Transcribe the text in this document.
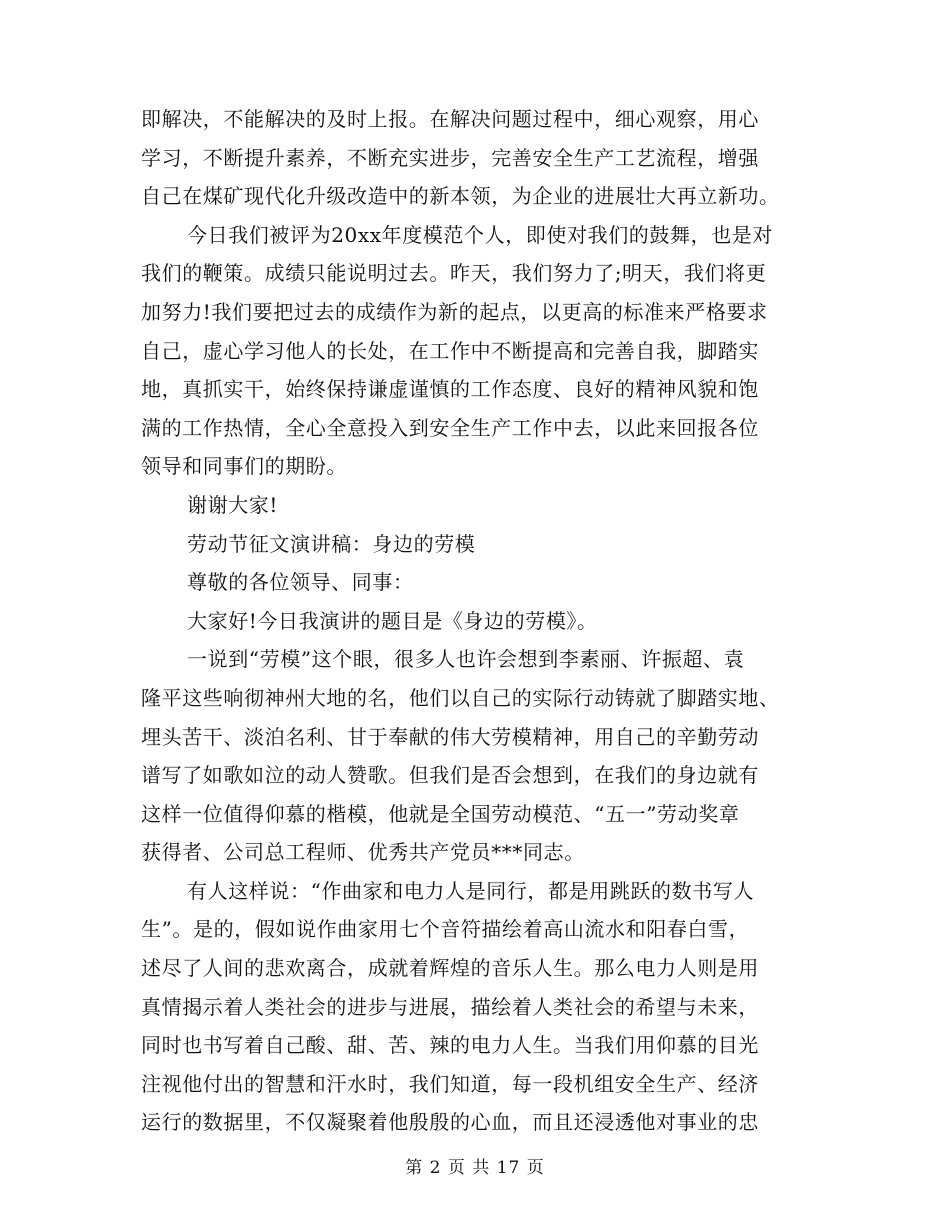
即解决，不能解决的及时上报。在解决问题过程中，细心观察，用心
学习，不断提升素养，不断充实进步，完善安全生产工艺流程，增强
自己在煤矿现代化升级改造中的新本领，为企业的进展壮大再立新功。
今日我们被评为20xx年度模范个人，即使对我们的鼓舞，也是对
我们的鞭策。成绩只能说明过去。昨天，我们努力了;明天，我们将更
加努力!我们要把过去的成绩作为新的起点，以更高的标准来严格要求
自己，虚心学习他人的长处，在工作中不断提高和完善自我，脚踏实
地，真抓实干，始终保持谦虚谨慎的工作态度、良好的精神风貌和饱
满的工作热情，全心全意投入到安全生产工作中去，以此来回报各位
领导和同事们的期盼。
谢谢大家!
劳动节征文演讲稿：身边的劳模
尊敬的各位领导、同事：
大家好!今日我演讲的题目是《身边的劳模》。
一说到“劳模”这个眼，很多人也许会想到李素丽、许振超、袁
隆平这些响彻神州大地的名，他们以自己的实际行动铸就了脚踏实地、
埋头苦干、淡泊名利、甘于奉献的伟大劳模精神，用自己的辛勤劳动
谱写了如歌如泣的动人赞歌。但我们是否会想到，在我们的身边就有
这样一位值得仰慕的楷模，他就是全国劳动模范、“五一”劳动奖章
获得者、公司总工程师、优秀共产党员***同志。
有人这样说：“作曲家和电力人是同行，都是用跳跃的数书写人
生”。是的，假如说作曲家用七个音符描绘着高山流水和阳春白雪，
述尽了人间的悲欢离合，成就着辉煌的音乐人生。那么电力人则是用
真情揭示着人类社会的进步与进展，描绘着人类社会的希望与未来，
同时也书写着自己酸、甜、苦、辣的电力人生。当我们用仰慕的目光
注视他付出的智慧和汗水时，我们知道，每一段机组安全生产、经济
运行的数据里，不仅凝聚着他殷殷的心血，而且还浸透他对事业的忠
第 2 页 共 17 页
